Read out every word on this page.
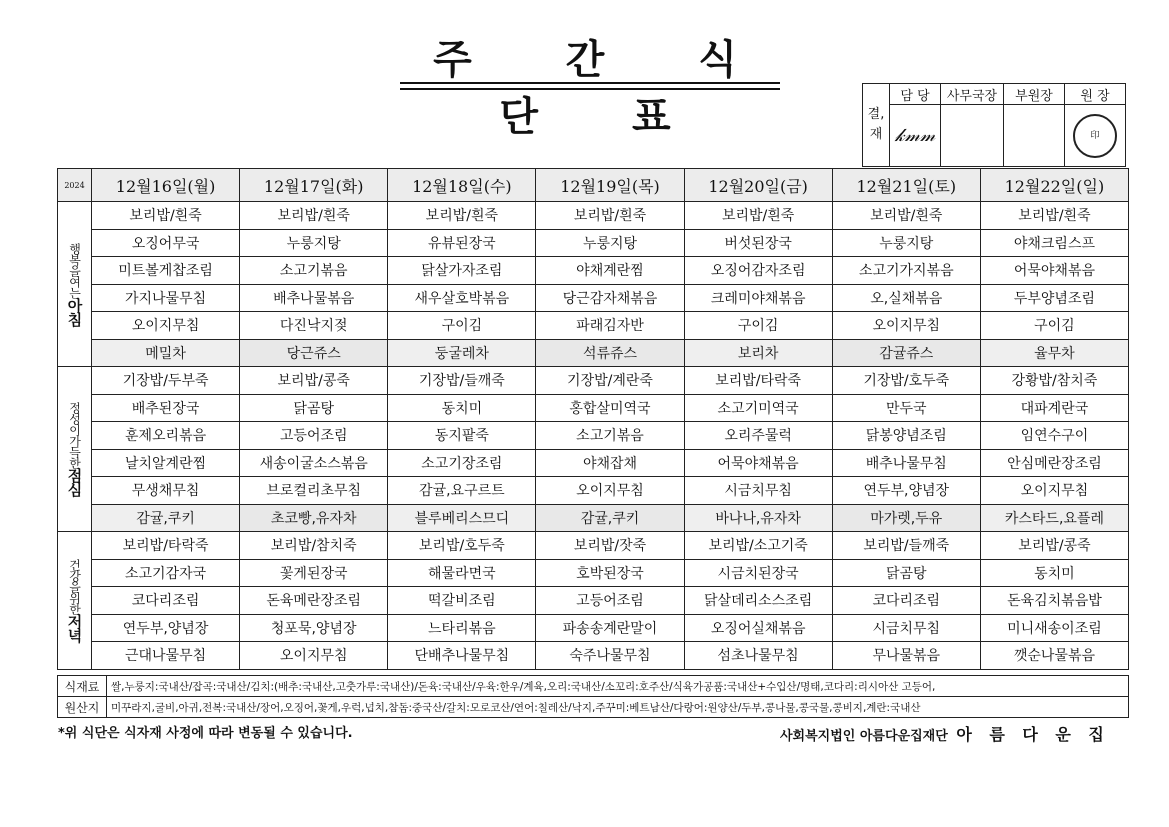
주 간 식 단 표	결,
재	담 당	사무국장	부원장	원 장
	𝓀𝓂𝓂			印
2024	12월16일(월)	12월17일(화)	12월18일(수)	12월19일(목)	12월20일(금)	12월21일(토)	12월22일(일)
행복을여는아침	보리밥/흰죽	보리밥/흰죽	보리밥/흰죽	보리밥/흰죽	보리밥/흰죽	보리밥/흰죽	보리밥/흰죽
	오징어무국	누룽지탕	유뷰된장국	누룽지탕	버섯된장국	누룽지탕	야채크림스프
	미트볼게찹조림	소고기볶음	닭살가자조림	야채계란찜	오징어감자조림	소고기가지볶음	어묵야채볶음
	가지나물무침	배추나물볶음	새우살호박볶음	당근감자채볶음	크레미야채볶음	오,실채볶음	두부양념조림
	오이지무침	다진낙지젖	구이김	파래김자반	구이김	오이지무침	구이김
	메밀차	당근쥬스	둥굴레차	석류쥬스	보리차	감귤쥬스	율무차
정성이가득한점심	기장밥/두부죽	보리밥/콩죽	기장밥/들깨죽	기장밥/계란죽	보리밥/타락죽	기장밥/호두죽	강황밥/참치죽
	배추된장국	닭곰탕	동치미	홍합살미역국	소고기미역국	만두국	대파계란국
	훈제오리볶음	고등어조림	동지팥죽	소고기볶음	오리주물럭	닭봉양념조림	임연수구이
	날치알계란찜	새송이굴소스볶음	소고기장조림	야채잡채	어묵야채볶음	배추나물무침	안심메란장조림
	무생채무침	브로컬리초무침	감귤,요구르트	오이지무침	시금치무침	연두부,양념장	오이지무침
	감귤,쿠키	초코빵,유자차	블루베리스므디	감귤,쿠키	바나나,유자차	마가렛,두유	카스타드,요플레
건강을위한저녁	보리밥/타락죽	보리밥/참치죽	보리밥/호두죽	보리밥/잣죽	보리밥/소고기죽	보리밥/들깨죽	보리밥/콩죽
	소고기감자국	꽃게된장국	해물라면국	호박된장국	시금치된장국	닭곰탕	동치미
	코다리조림	돈육메란장조림	떡갈비조림	고등어조림	닭살데리소스조림	코다리조림	돈육김치볶음밥
	연두부,양념장	청포묵,양념장	느타리볶음	파송송계란말이	오징어실채볶음	시금치무침	미니새송이조림
	근대나물무침	오이지무침	단배추나물무침	숙주나물무침	섬초나물무침	무나물볶음	깻순나물볶음
식재료	쌀,누룽지:국내산/잡곡:국내산/김치:(배추:국내산,고춧가루:국내산)/돈육:국내산/우육:한우/계육,오리:국내산/소꼬리:호주산/식육가공품:국내산+수입산/명태,코다리:리시아산 고등어,
원산지	미꾸라지,굴비,아귀,전복:국내산/장어,오징어,꽃게,우럭,넙치,참돔:중국산/갈치:모로코산/연어:칠레산/낙지,주꾸미:베트남산/다랑어:원양산/두부,콩나물,콩국물,콩비지,계란:국내산
*위 식단은 식자재 사정에 따라 변동될 수 있습니다.	사회복지법인 아름다운집재단 아 름 다 운 집
